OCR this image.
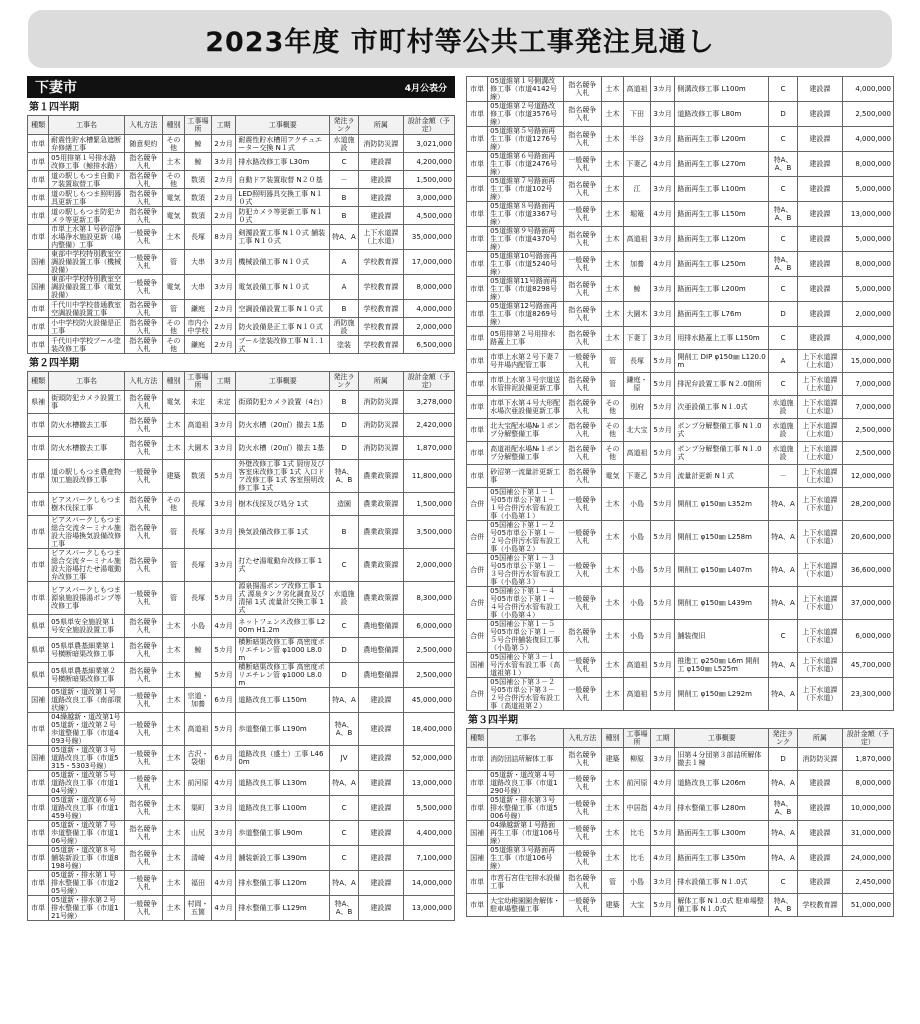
2023年度 市町村等公共工事発注見通し
下妻市	4月公表分
第１四半期
種類	工事名	入札方法	種別	工事場所	工期	工事概要	発注ランク	所属	設計金額（予定）
市単	耐震性貯水槽緊急遮断弁修繕工事	随意契約	その他	鯨	2カ月	耐震性貯水槽用アクチュエーター交換 N１式	水道施設	消防防災課	3,021,000
市単	05用排第１号排水路改修工事（鯨排水路）	指名競争入札	土木	鯨	3カ月	排水路改修工事 L30m	C	建設課	4,200,000
市単	道の駅しもつま自動ドア装置取替工事	指名競争入札	その他	数須	2カ月	自動ドア装置取替 N２０基	－	建設課	1,500,000
市単	道の駅しもつま照明器具更新工事	指名競争入札	電気	数須	2カ月	LED照明器具交換工事 N１０式	B	建設課	3,000,000
市単	道の駅しもつま防犯カメラ等更新工事	指名競争入札	電気	数須	2カ月	防犯カメラ等更新工事 N１０式	B	建設課	4,500,000
市単	市単上水第１号砂沼浄水場浄水施設更新（場内整備）工事	一般競争入札	土木	長塚	8カ月	剣濁設置工事 N１０式 舗装工事 N１０式	特A、A	上下水道課（上水道）	35,000,000
国補	東部中学校特別教室空調設備設置工事（機械設備）	一般競争入札	管	大串	3カ月	機械設備工事 N１０式	A	学校教育課	17,000,000
国補	東部中学校特別教室空調設備設置工事（電気設備）	一般競争入札	電気	大串	3カ月	電気設備工事 N１０式	A	学校教育課	8,000,000
市単	千代川中学校普通教室空調設備設置工事	指名競争入札	管	鎌庭	2カ月	空調設備設置工事 N１０式	B	学校教育課	4,000,000
市単	小中学校防火設備是正工事	指名競争入札	その他	市内小中学校	2カ月	防火設備是正工事 N１０式	消防施設	学校教育課	2,000,000
市単	千代川中学校プール塗装改修工事	指名競争入札	その他	鎌庭	2カ月	プール塗装改修工事 N１.１式	塗装	学校教育課	6,500,000
第２四半期
種類	工事名	入札方法	種別	工事場所	工期	工事概要	発注ランク	所属	設計金額（予定）
県補	街頭防犯カメラ設置工事	指名競争入札	電気	未定	未定	街頭防犯カメラ設置（4台）	B	消防防災課	3,278,000
市単	防火水槽撤去工事	指名競争入札	土木	高道祖	3カ月	防火水槽（20㎥）撤去 1基	D	消防防災課	2,420,000
市単	防火水槽撤去工事	指名競争入札	土木	大園木	3カ月	防火水槽（20㎥）撤去 1基	D	消防防災課	1,870,000
市単	道の駅しもつま農産物加工施設改修工事	一般競争入札	建築	数須	5カ月	外壁改修工事 1式 厨房及び客室床改修工事 1式 入口ドア改修工事 1式 客室照明改修工事 1式	特A、A、B	農業政策課	11,800,000
市単	ビアスパークしもつま樹木伐採工事	指名競争入札	その他	長塚	3カ月	樹木伐採及び処分 1式	造園	農業政策課	1,500,000
市単	ビアスパークしもつま総合交流ターミナル施設大浴場換気設備改修工事	指名競争入札	管	長塚	3カ月	換気設備改修工事 1式	B	農業政策課	3,500,000
市単	ビアスパークしもつま総合交流ターミナル施設大浴場打たせ湯電動弁改修工事	指名競争入札	管	長塚	3カ月	打たせ湯電動弁改修工事 1式	C	農業政策課	2,000,000
市単	ビアスパークしもつま源泉施設揚湯ポンプ等改修工事	一般競争入札	管	長塚	5カ月	源泉揚湯ポンプ改修工事 1式 源泉タンク劣化調査及び清掃 1式 流量計交換工事 1式	水道施設	農業政策課	8,300,000
県単	05県単安全施設第１号安全施設設置工事	指名競争入札	土木	小島	4カ月	ネットフェンス改修工事 L200m H1.2m	C	農地整備課	6,000,000
県単	05県単農基細業第１号横断暗渠改修工事	指名競争入札	土木	鯨	5カ月	横断暗渠改修工事 高密度ポリエチレン管 φ1000 L8.0m	D	農地整備課	2,500,000
県単	05県単農基細業第２号横断暗渠改修工事	指名競争入札	土木	鯨	5カ月	横断暗渠改修工事 高密度ポリエチレン管 φ1000 L8.0m	D	農地整備課	2,500,000
国補	05道新・道改第１号道路改良工事（南部環状線）	一般競争入札	土木	宗道・加養	6カ月	道路改良工事 L150m	特A、A	建設課	45,000,000
市単	04繰越新・道改第1号05道新・道改第２号歩道整備工事（市道4093号線）	一般競争入札	土木	高道祖	5カ月	歩道整備工事 L190m	特A、A、B	建設課	18,400,000
国補	05道新・道改第３号道路改良工事（市道5315・5303号線）	一般競争入札	土木	古沢・袋畑	6カ月	道路改良（盛土）工事 L460m	JV	建設課	52,000,000
市単	05道新・道改第５号道路改良工事（市道104号線）	一般競争入札	土木	前河原	4カ月	道路改良工事 L130m	特A、A	建設課	13,000,000
市単	05道新・道改第６号道路改良工事（市道1459号線）	指名競争入札	土木	渠町	3カ月	道路改良工事 L100m	C	建設課	5,500,000
市単	05道新・道改第７号歩道整備工事（市道106号線）	指名競争入札	土木	山尻	3カ月	歩道整備工事 L90m	C	建設課	4,400,000
市単	05道新・道改第８号舗装新設工事（市道8198号線）	指名競争入札	土木	清崎	4カ月	舗装新設工事 L390m	C	建設課	7,100,000
市単	05道新・排水第１号排水整備工事（市道205号線）	一般競争入札	土木	福田	4カ月	排水整備工事 L120m	特A、A	建設課	14,000,000
市単	05道新・排水第２号排水整備工事（市道121号線）	一般競争入札	土木	村岡・五箇	4カ月	排水整備工事 L129m	特A、A、B	建設課	13,000,000
市単	05道維第１号側溝改修工事（市道4142号線）	指名競争入札	土木	高道祖	3カ月	側溝改修工事 L100m	C	建設課	4,000,000
市単	05道維第２号道路改修工事（市道3576号線）	指名競争入札	土木	下田	3カ月	道路改修工事 L80m	D	建設課	2,500,000
市単	05道維第５号路面再生工事（市道1276号線）	指名競争入札	土木	半谷	3カ月	路面再生工事 L200m	C	建設課	4,000,000
市単	05道維第６号路面再生工事（市道2476号線）	一般競争入札	土木	下妻乙	4カ月	路面再生工事 L270m	特A、A、B	建設課	8,000,000
市単	05道維第７号路面再生工事（市道102号線）	指名競争入札	土木	江	3カ月	路面再生工事 L100m	C	建設課	5,000,000
市単	05道維第８号路面再生工事（市道3367号線）	一般競争入札	土木	堀篭	4カ月	路面再生工事 L150m	特A、A、B	建設課	13,000,000
市単	05道維第９号路面再生工事（市道4370号線）	指名競争入札	土木	高道祖	3カ月	路面再生工事 L120m	C	建設課	5,000,000
市単	05道維第10号路面再生工事（市道5240号線）	一般競争入札	土木	加養	4カ月	路面再生工事 L250m	特A、A、B	建設課	8,000,000
市単	05道維第11号路面再生工事（市道8298号線）	指名競争入札	土木	鯨	3カ月	路面再生工事 L200m	C	建設課	5,000,000
市単	05道維第12号路面再生工事（市道8269号線）	指名競争入札	土木	大園木	3カ月	路面再生工事 L76m	D	建設課	2,000,000
市単	05用排第２号用排水路蓋上工事	指名競争入札	土木	下妻丁	3カ月	用排水路蓋上工事 L150m	C	建設課	4,000,000
市単	市単上水第２号下妻７号井場内配管工事	一般競争入札	管	長塚	5カ月	開削工 DIP φ150㎜ L120.0m	A	上下水道課（上水道）	15,000,000
市単	市単上水第３号宗道送水管排泥設備更新工事	指名競争入札	管	鎌庭・原	5カ月	排泥弁設置工事 N２.0箇所	C	上下水道課（上水道）	7,000,000
市単	市単下水第４号大形配水場次亜設備更新工事	指名競争入札	その他	別府	5カ月	次亜設備工事 N１.0式	水道施設	上下水道課（上水道）	7,000,000
市単	北大宝配水場№１ポンプ分解整備工事	指名競争入札	その他	北大宝	5カ月	ポンプ分解整備工事 N１.0式	水道施設	上下水道課（上水道）	2,500,000
市単	高道祖配水場№１ポンプ分解整備工事	指名競争入札	その他	高道祖	5カ月	ポンプ分解整備工事 N１.0式	水道施設	上下水道課（上水道）	2,500,000
市単	砂沼第一流量計更新工事	指名競争入札	電気	下妻乙	5カ月	流量計更新 N１式	－	上下水道課（上水道）	12,000,000
合併	05国補公下第１－１号05市単公下第１－１号合併汚水管布設工事（小島第１）	一般競争入札	土木	小島	5カ月	開削工 φ150㎜ L352m	特A、A	上下水道課（下水道）	28,200,000
合併	05国補公下第１－２号05市単公下第１－２号合併汚水管布設工事（小島第２）	一般競争入札	土木	小島	5カ月	開削工 φ150㎜ L258m	特A、A	上下水道課（下水道）	20,600,000
合併	05国補公下第１－３号05市単公下第１－３号合併汚水管布設工事（小島第３）	一般競争入札	土木	小島	5カ月	開削工 φ150㎜ L407m	特A、A	上下水道課（下水道）	36,600,000
合併	05国補公下第１－４号05市単公下第１－４号合併汚水管布設工事（小島第４）	一般競争入札	土木	小島	5カ月	開削工 φ150㎜ L439m	特A、A	上下水道課（下水道）	37,000,000
合併	05国補公下第１－５号05市単公下第１－５号合併舗装復旧工事（小島第５）	指名競争入札	土木	小島	5カ月	舗装復旧	C	上下水道課（下水道）	6,000,000
国補	05国補公下第３－１号汚水管布設工事（高道祖第１）	一般競争入札	土木	高道祖	5カ月	推進工 φ250㎜ L6m 開削工 φ150㎜ L525m	特A、A	上下水道課（下水道）	45,700,000
合併	05国補公下第３－２号05市単公下第３－２号合併汚水管布設工事（高道祖第２）	一般競争入札	土木	高道祖	5カ月	開削工 φ150㎜ L292m	特A、A	上下水道課（下水道）	23,300,000
第３四半期
種類	工事名	入札方法	種別	工事場所	工期	工事概要	発注ランク	所属	設計金額（予定）
市単	消防団詰所解体工事	指名競争入札	建築	柳原	3カ月	旧第４分団第３部詰所解体撤去１棟	D	消防防災課	1,870,000
市単	05道新・道改第４号道路改良工事（市道1290号線）	一般競争入札	土木	前河原	4カ月	道路改良工事 L206m	特A、A	建設課	8,000,000
市単	05道新・排水第３号排水整備工事（市道5006号線）	一般競争入札	土木	中居指	4カ月	排水整備工事 L280m	特A、A、B	建設課	10,000,000
国補	04繰越新第１号路面再生工事（市道106号線）	一般競争入札	土木	比毛	5カ月	路面再生工事 L300m	特A、A	建設課	31,000,000
国補	05道維第３号路面再生工事（市道106号線）	一般競争入札	土木	比毛	4カ月	路面再生工事 L350m	特A、A	建設課	24,000,000
市単	市営石宮住宅排水設備工事	指名競争入札	管	小島	3カ月	排水設備工事 N１.0式	C	建設課	2,450,000
市単	大宝幼稚園園舎解体・駐車場整備工事	一般競争入札	建築	大宝	5カ月	解体工事 N１.0式 駐車場整備工事 N１.0式	特A、A、B	学校教育課	51,000,000
